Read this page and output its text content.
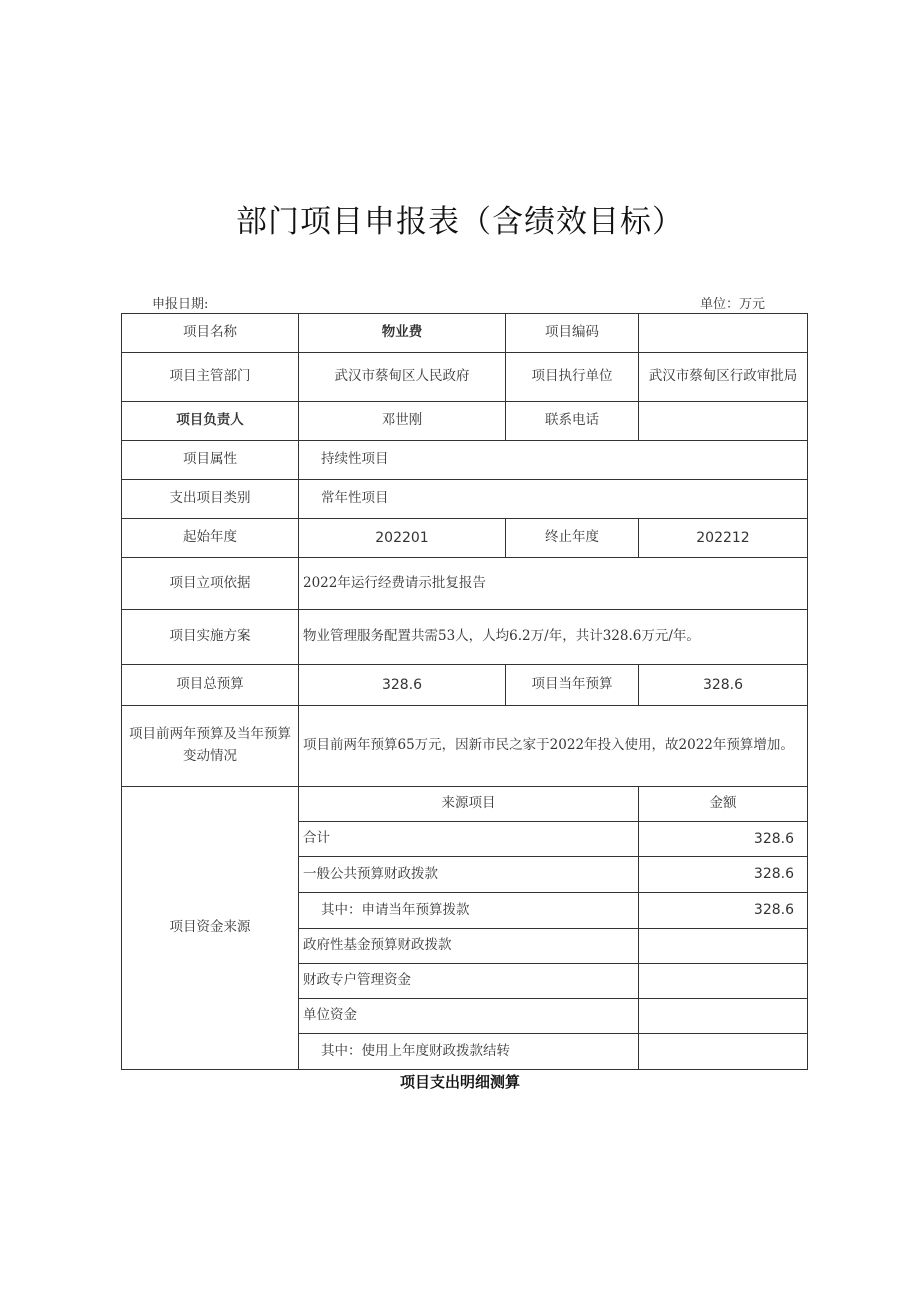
部门项目申报表（含绩效目标）
申报日期:	单位：万元
项目名称	物业费	项目编码	
项目主管部门	武汉市蔡甸区人民政府	项目执行单位	武汉市蔡甸区行政审批局
项目负责人	邓世刚	联系电话	
项目属性	持续性项目		
支出项目类别	常年性项目		
起始年度	202201	终止年度	202212
项目立项依据	2022年运行经费请示批复报告		
项目实施方案	物业管理服务配置共需53人，人均6.2万/年，共计328.6万元/年。		
项目总预算	328.6	项目当年预算	328.6
项目前两年预算及当年预算变动情况	项目前两年预算65万元，因新市民之家于2022年投入使用，故2022年预算增加。		
项目资金来源	来源项目		金额
	合计		328.6
	一般公共预算财政拨款		328.6
	其中：申请当年预算拨款		328.6
	政府性基金预算财政拨款		
	财政专户管理资金		
	单位资金		
	其中：使用上年度财政拨款结转		
项目支出明细测算
